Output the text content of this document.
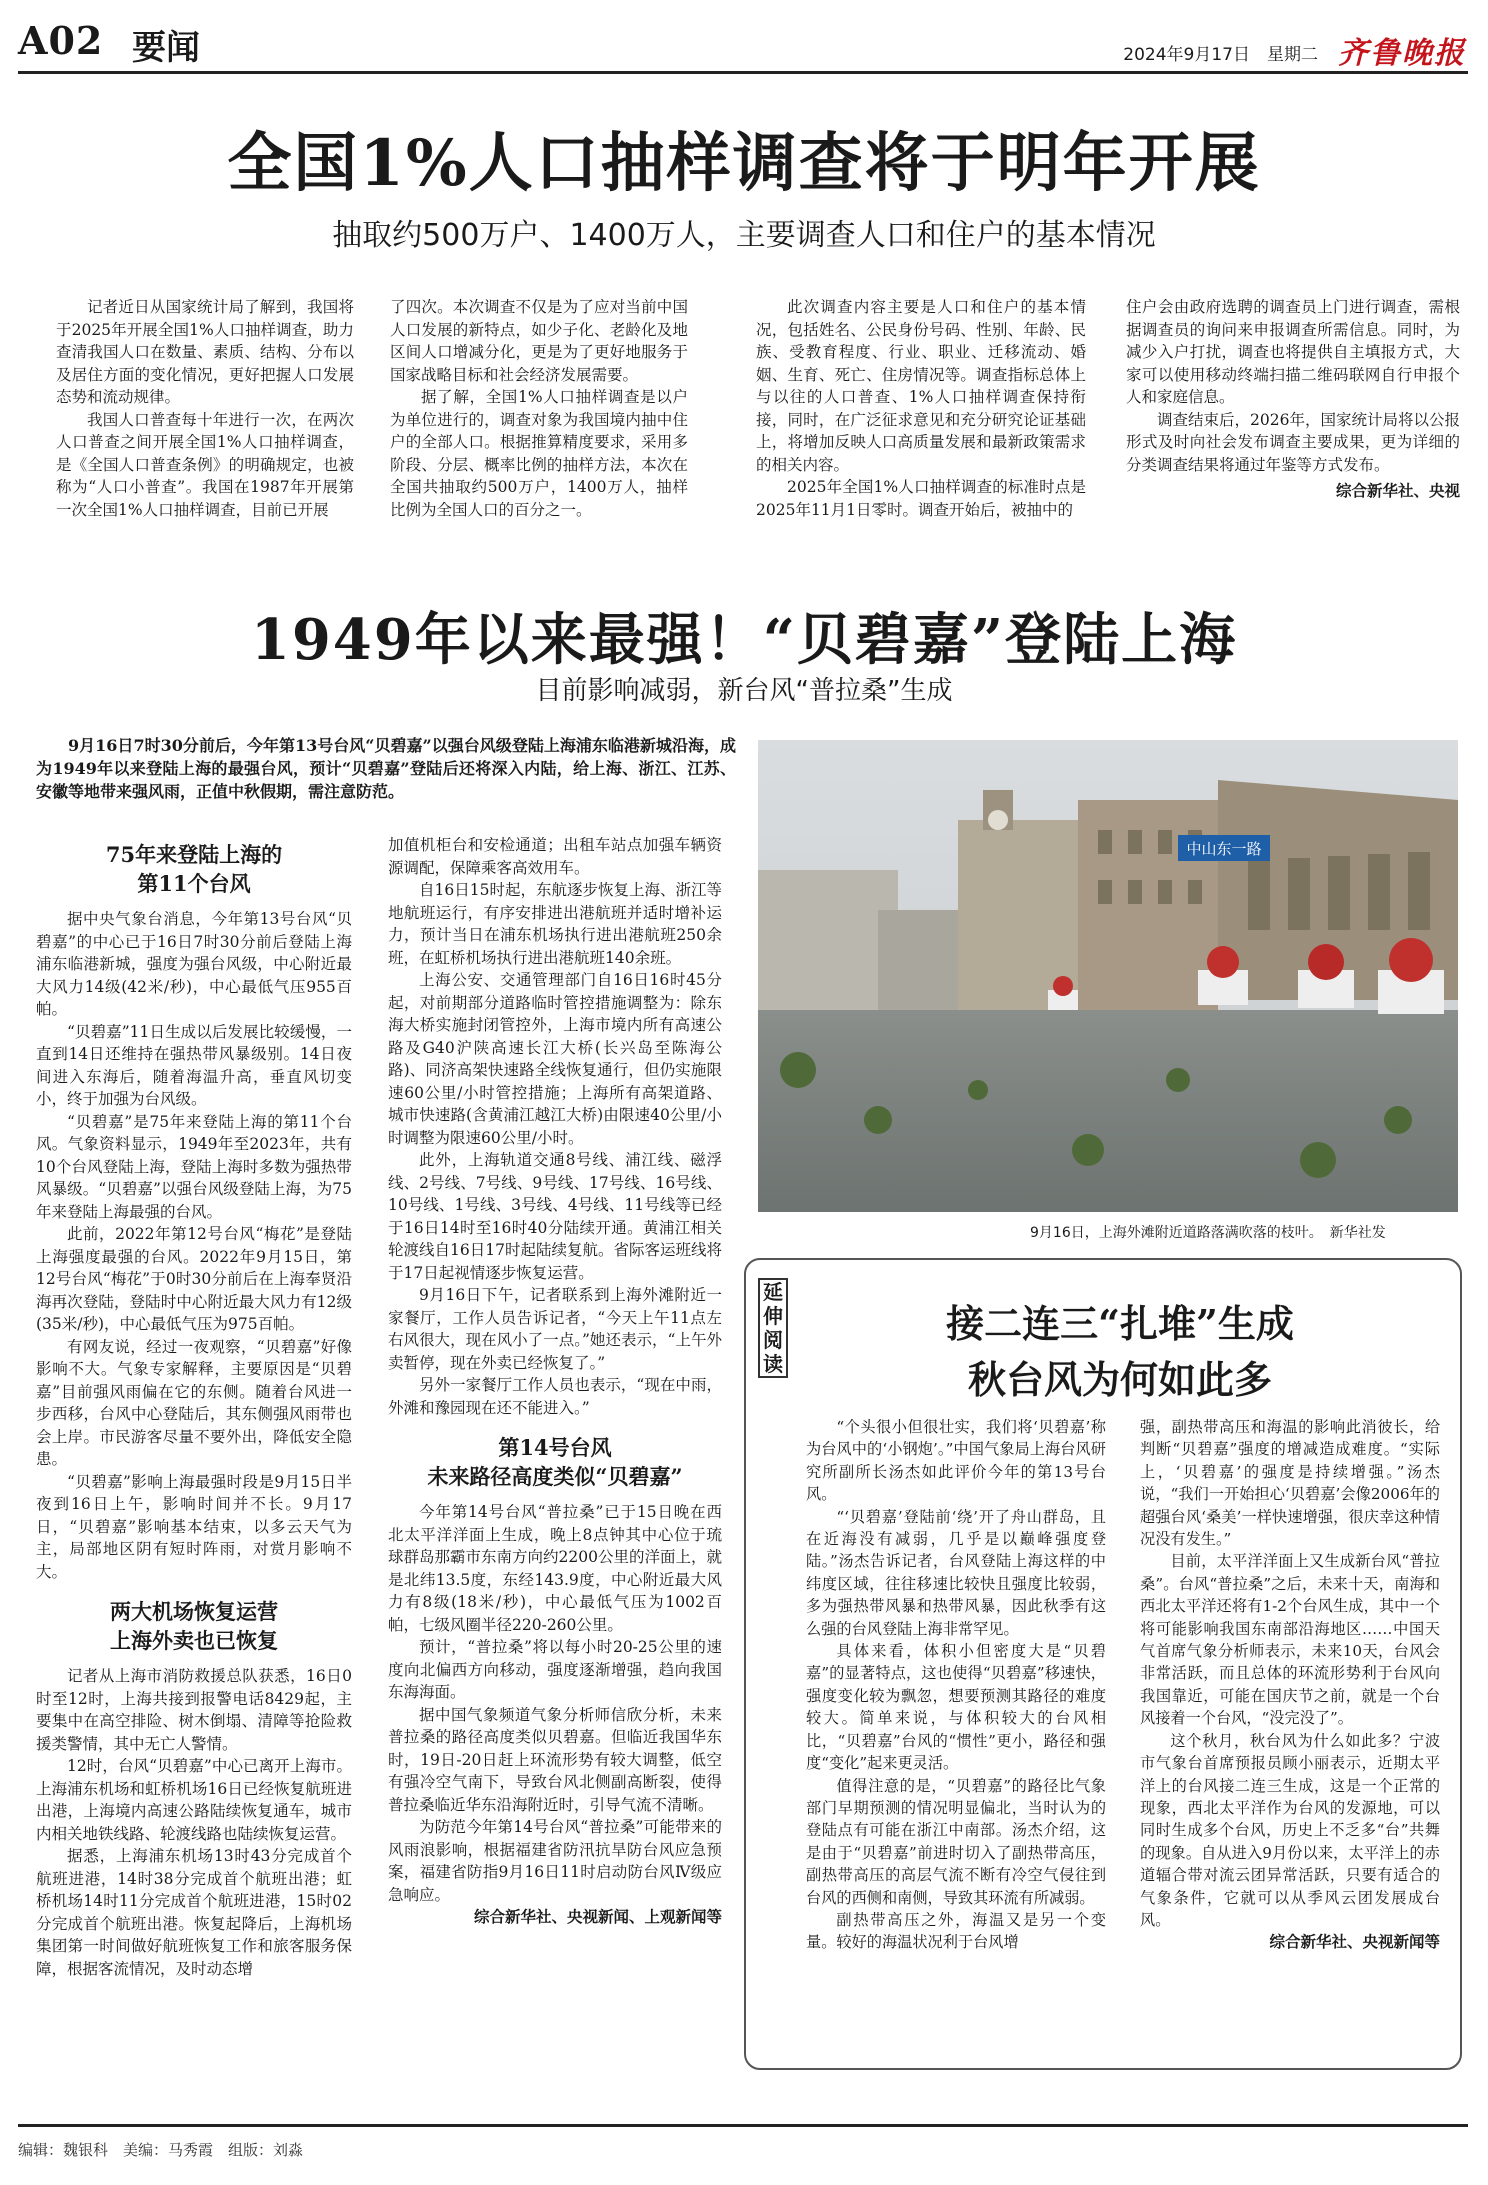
A02 要闻	2024年9月17日　星期二 齐鲁晚报
全国1%人口抽样调查将于明年开展
抽取约500万户、1400万人，主要调查人口和住户的基本情况

记者近日从国家统计局了解到，我国将于2025年开展全国1%人口抽样调查，助力查清我国人口在数量、素质、结构、分布以及居住方面的变化情况，更好把握人口发展态势和流动规律。

我国人口普查每十年进行一次，在两次人口普查之间开展全国1%人口抽样调查，是《全国人口普查条例》的明确规定，也被称为“人口小普查”。我国在1987年开展第一次全国1%人口抽样调查，目前已开展

了四次。本次调查不仅是为了应对当前中国人口发展的新特点，如少子化、老龄化及地区间人口增减分化，更是为了更好地服务于国家战略目标和社会经济发展需要。

据了解，全国1%人口抽样调查是以户为单位进行的，调查对象为我国境内抽中住户的全部人口。根据推算精度要求，采用多阶段、分层、概率比例的抽样方法，本次在全国共抽取约500万户，1400万人，抽样比例为全国人口的百分之一。

此次调查内容主要是人口和住户的基本情况，包括姓名、公民身份号码、性别、年龄、民族、受教育程度、行业、职业、迁移流动、婚姻、生育、死亡、住房情况等。调查指标总体上与以往的人口普查、1%人口抽样调查保持衔接，同时，在广泛征求意见和充分研究论证基础上，将增加反映人口高质量发展和最新政策需求的相关内容。

2025年全国1%人口抽样调查的标准时点是2025年11月1日零时。调查开始后，被抽中的

住户会由政府选聘的调查员上门进行调查，需根据调查员的询问来申报调查所需信息。同时，为减少入户打扰，调查也将提供自主填报方式，大家可以使用移动终端扫描二维码联网自行申报个人和家庭信息。

调查结束后，2026年，国家统计局将以公报形式及时向社会发布调查主要成果，更为详细的分类调查结果将通过年鉴等方式发布。

综合新华社、央视
1949年以来最强！“贝碧嘉”登陆上海
目前影响减弱，新台风“普拉桑”生成

9月16日7时30分前后，今年第13号台风“贝碧嘉”以强台风级登陆上海浦东临港新城沿海，成为1949年以来登陆上海的最强台风，预计“贝碧嘉”登陆后还将深入内陆，给上海、浙江、江苏、安徽等地带来强风雨，正值中秋假期，需注意防范。

75年来登陆上海的
第11个台风

据中央气象台消息，今年第13号台风“贝碧嘉”的中心已于16日7时30分前后登陆上海浦东临港新城，强度为强台风级，中心附近最大风力14级(42米/秒)，中心最低气压955百帕。

“贝碧嘉”11日生成以后发展比较缓慢，一直到14日还维持在强热带风暴级别。14日夜间进入东海后，随着海温升高，垂直风切变小，终于加强为台风级。

“贝碧嘉”是75年来登陆上海的第11个台风。气象资料显示，1949年至2023年，共有10个台风登陆上海，登陆上海时多数为强热带风暴级。“贝碧嘉”以强台风级登陆上海，为75年来登陆上海最强的台风。

此前，2022年第12号台风“梅花”是登陆上海强度最强的台风。2022年9月15日，第12号台风“梅花”于0时30分前后在上海奉贤沿海再次登陆，登陆时中心附近最大风力有12级(35米/秒)，中心最低气压为975百帕。

有网友说，经过一夜观察，“贝碧嘉”好像影响不大。气象专家解释，主要原因是“贝碧嘉”目前强风雨偏在它的东侧。随着台风进一步西移，台风中心登陆后，其东侧强风雨带也会上岸。市民游客尽量不要外出，降低安全隐患。

“贝碧嘉”影响上海最强时段是9月15日半夜到16日上午，影响时间并不长。9月17日，“贝碧嘉”影响基本结束，以多云天气为主，局部地区阴有短时阵雨，对赏月影响不大。

两大机场恢复运营
上海外卖也已恢复

记者从上海市消防救援总队获悉，16日0时至12时，上海共接到报警电话8429起，主要集中在高空排险、树木倒塌、清障等抢险救援类警情，其中无亡人警情。

12时，台风“贝碧嘉”中心已离开上海市。上海浦东机场和虹桥机场16日已经恢复航班进出港，上海境内高速公路陆续恢复通车，城市内相关地铁线路、轮渡线路也陆续恢复运营。

据悉，上海浦东机场13时43分完成首个航班进港，14时38分完成首个航班出港；虹桥机场14时11分完成首个航班进港，15时02分完成首个航班出港。恢复起降后，上海机场集团第一时间做好航班恢复工作和旅客服务保障，根据客流情况，及时动态增

加值机柜台和安检通道；出租车站点加强车辆资源调配，保障乘客高效用车。

自16日15时起，东航逐步恢复上海、浙江等地航班运行，有序安排进出港航班并适时增补运力，预计当日在浦东机场执行进出港航班250余班，在虹桥机场执行进出港航班140余班。

上海公安、交通管理部门自16日16时45分起，对前期部分道路临时管控措施调整为：除东海大桥实施封闭管控外，上海市境内所有高速公路及G40沪陕高速长江大桥(长兴岛至陈海公路)、同济高架快速路全线恢复通行，但仍实施限速60公里/小时管控措施；上海所有高架道路、城市快速路(含黄浦江越江大桥)由限速40公里/小时调整为限速60公里/小时。

此外，上海轨道交通8号线、浦江线、磁浮线、2号线、7号线、9号线、17号线、16号线、10号线、1号线、3号线、4号线、11号线等已经于16日14时至16时40分陆续开通。黄浦江相关轮渡线自16日17时起陆续复航。省际客运班线将于17日起视情逐步恢复运营。

9月16日下午，记者联系到上海外滩附近一家餐厅，工作人员告诉记者，“今天上午11点左右风很大，现在风小了一点。”她还表示，“上午外卖暂停，现在外卖已经恢复了。”

另外一家餐厅工作人员也表示，“现在中雨，外滩和豫园现在还不能进入。”

第14号台风
未来路径高度类似“贝碧嘉”

今年第14号台风“普拉桑”已于15日晚在西北太平洋洋面上生成，晚上8点钟其中心位于琉球群岛那霸市东南方向约2200公里的洋面上，就是北纬13.5度，东经143.9度，中心附近最大风力有8级(18米/秒)，中心最低气压为1002百帕，七级风圈半径220-260公里。

预计，“普拉桑”将以每小时20-25公里的速度向北偏西方向移动，强度逐渐增强，趋向我国东海海面。

据中国气象频道气象分析师信欣分析，未来普拉桑的路径高度类似贝碧嘉。但临近我国华东时，19日-20日赶上环流形势有较大调整，低空有强冷空气南下，导致台风北侧副高断裂，使得普拉桑临近华东沿海附近时，引导气流不清晰。

为防范今年第14号台风“普拉桑”可能带来的风雨浪影响，根据福建省防汛抗旱防台风应急预案，福建省防指9月16日11时启动防台风Ⅳ级应急响应。

综合新华社、央视新闻、上观新闻等
中山东一路
9月16日，上海外滩附近道路落满吹落的枝叶。　新华社发
延伸阅读
接二连三“扎堆”生成
秋台风为何如此多

“个头很小但很壮实，我们将‘贝碧嘉’称为台风中的‘小钢炮’。”中国气象局上海台风研究所副所长汤杰如此评价今年的第13号台风。

“‘贝碧嘉’登陆前‘绕’开了舟山群岛，且在近海没有减弱，几乎是以巅峰强度登陆。”汤杰告诉记者，台风登陆上海这样的中纬度区域，往往移速比较快且强度比较弱，多为强热带风暴和热带风暴，因此秋季有这么强的台风登陆上海非常罕见。

具体来看，体积小但密度大是“贝碧嘉”的显著特点，这也使得“贝碧嘉”移速快，强度变化较为飘忽，想要预测其路径的难度较大。简单来说，与体积较大的台风相比，“贝碧嘉”台风的“惯性”更小，路径和强度“变化”起来更灵活。

值得注意的是，“贝碧嘉”的路径比气象部门早期预测的情况明显偏北，当时认为的登陆点有可能在浙江中南部。汤杰介绍，这是由于“贝碧嘉”前进时切入了副热带高压，副热带高压的高层气流不断有冷空气侵往到台风的西侧和南侧，导致其环流有所减弱。

副热带高压之外，海温又是另一个变量。较好的海温状况利于台风增

强，副热带高压和海温的影响此消彼长，给判断“贝碧嘉”强度的增减造成难度。“实际上，‘贝碧嘉’的强度是持续增强。”汤杰说，“我们一开始担心‘贝碧嘉’会像2006年的超强台风‘桑美’一样快速增强，很庆幸这种情况没有发生。”

目前，太平洋洋面上又生成新台风“普拉桑”。台风“普拉桑”之后，未来十天，南海和西北太平洋还将有1-2个台风生成，其中一个将可能影响我国东南部沿海地区……中国天气首席气象分析师表示，未来10天，台风会非常活跃，而且总体的环流形势利于台风向我国靠近，可能在国庆节之前，就是一个台风接着一个台风，“没完没了”。

这个秋月，秋台风为什么如此多？宁波市气象台首席预报员顾小丽表示，近期太平洋上的台风接二连三生成，这是一个正常的现象，西北太平洋作为台风的发源地，可以同时生成多个台风，历史上不乏多“台”共舞的现象。自从进入9月份以来，太平洋上的赤道辐合带对流云团异常活跃，只要有适合的气象条件，它就可以从季风云团发展成台风。

综合新华社、央视新闻等
编辑：魏银科　美编：马秀霞　组版：刘淼
